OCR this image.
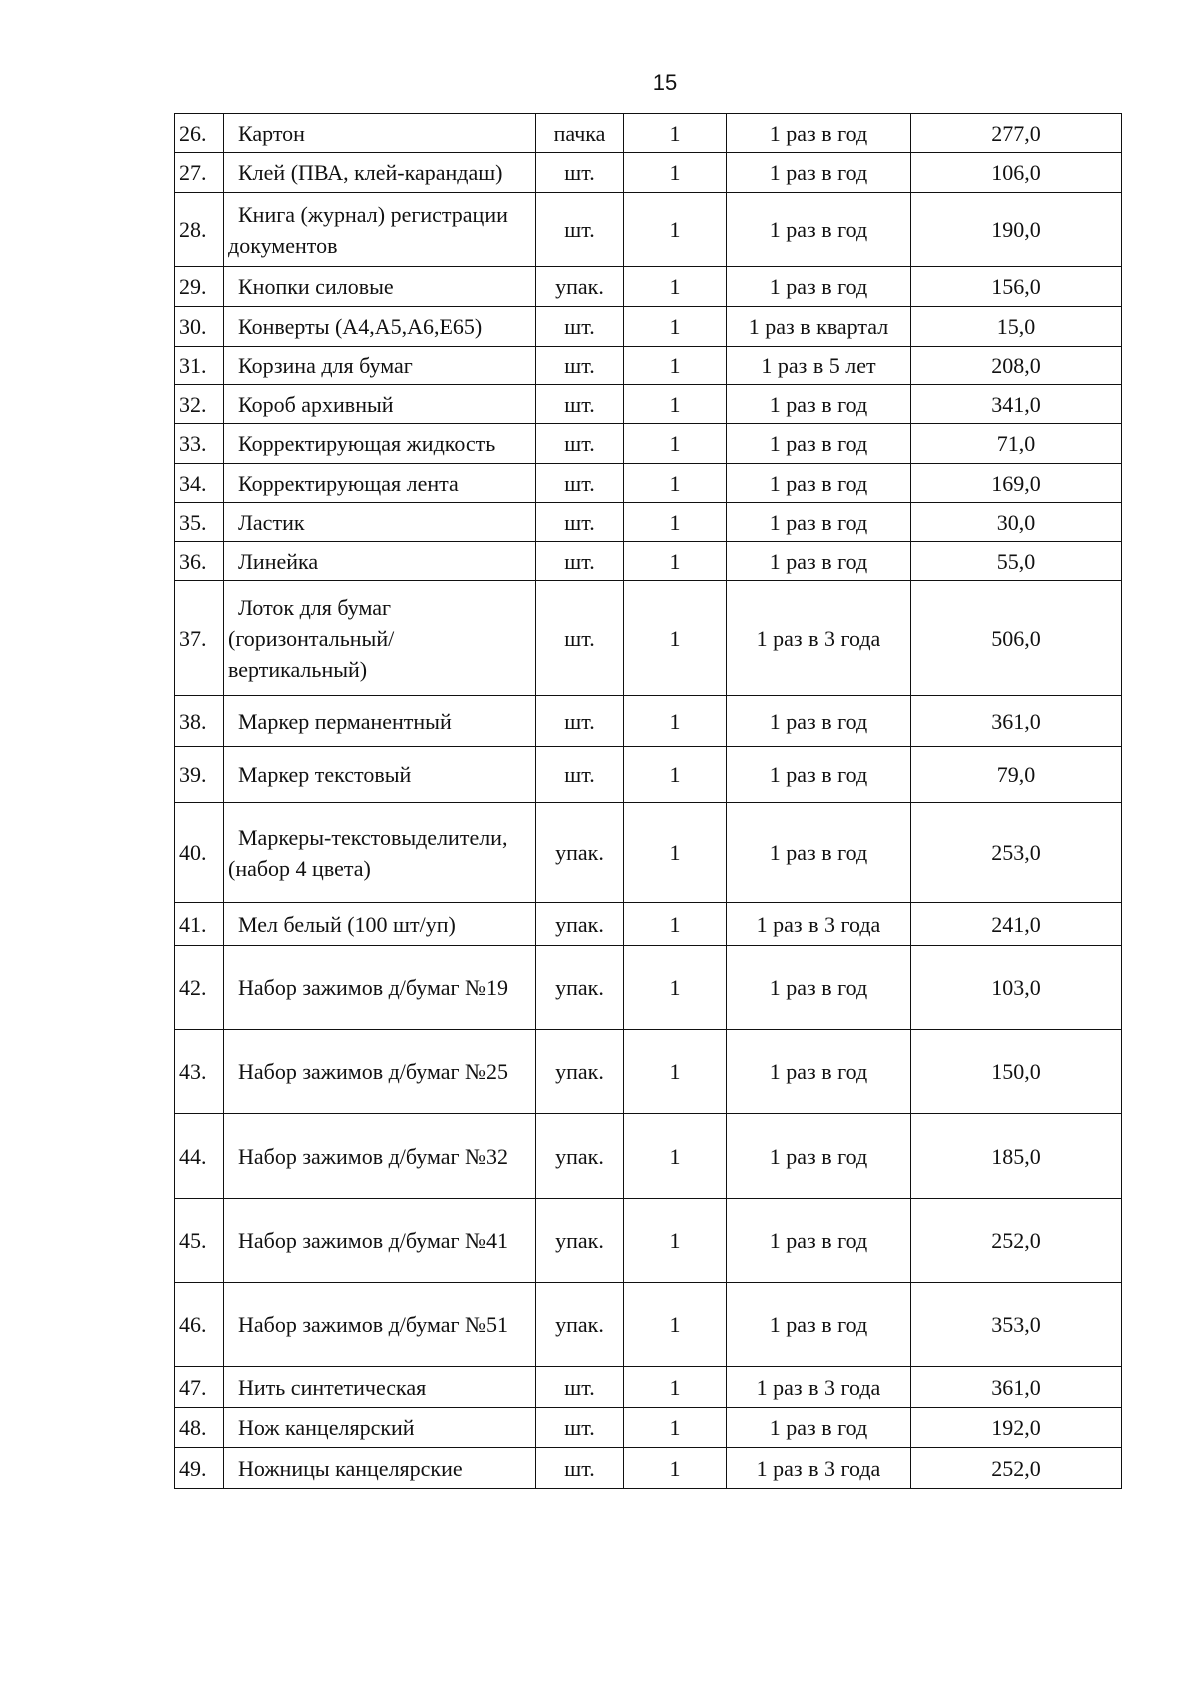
15
26.	Картон	пачка	1	1 раз в год	277,0
27.	Клей (ПВА, клей-карандаш)	шт.	1	1 раз в год	106,0
28.	Книга (журнал) регистрации документов	шт.	1	1 раз в год	190,0
29.	Кнопки силовые	упак.	1	1 раз в год	156,0
30.	Конверты (А4,А5,А6,Е65)	шт.	1	1 раз в квартал	15,0
31.	Корзина для бумаг	шт.	1	1 раз в 5 лет	208,0
32.	Короб архивный	шт.	1	1 раз в год	341,0
33.	Корректирующая жидкость	шт.	1	1 раз в год	71,0
34.	Корректирующая лента	шт.	1	1 раз в год	169,0
35.	Ластик	шт.	1	1 раз в год	30,0
36.	Линейка	шт.	1	1 раз в год	55,0
37.	Лоток для бумаг (горизонтальный/ вертикальный)	шт.	1	1 раз в 3 года	506,0
38.	Маркер перманентный	шт.	1	1 раз в год	361,0
39.	Маркер текстовый	шт.	1	1 раз в год	79,0
40.	Маркеры-текстовыделители, (набор 4 цвета)	упак.	1	1 раз в год	253,0
41.	Мел белый (100 шт/уп)	упак.	1	1 раз в 3 года	241,0
42.	Набор зажимов д/бумаг №19	упак.	1	1 раз в год	103,0
43.	Набор зажимов д/бумаг №25	упак.	1	1 раз в год	150,0
44.	Набор зажимов д/бумаг №32	упак.	1	1 раз в год	185,0
45.	Набор зажимов д/бумаг №41	упак.	1	1 раз в год	252,0
46.	Набор зажимов д/бумаг №51	упак.	1	1 раз в год	353,0
47.	Нить синтетическая	шт.	1	1 раз в 3 года	361,0
48.	Нож канцелярский	шт.	1	1 раз в год	192,0
49.	Ножницы канцелярские	шт.	1	1 раз в 3 года	252,0
